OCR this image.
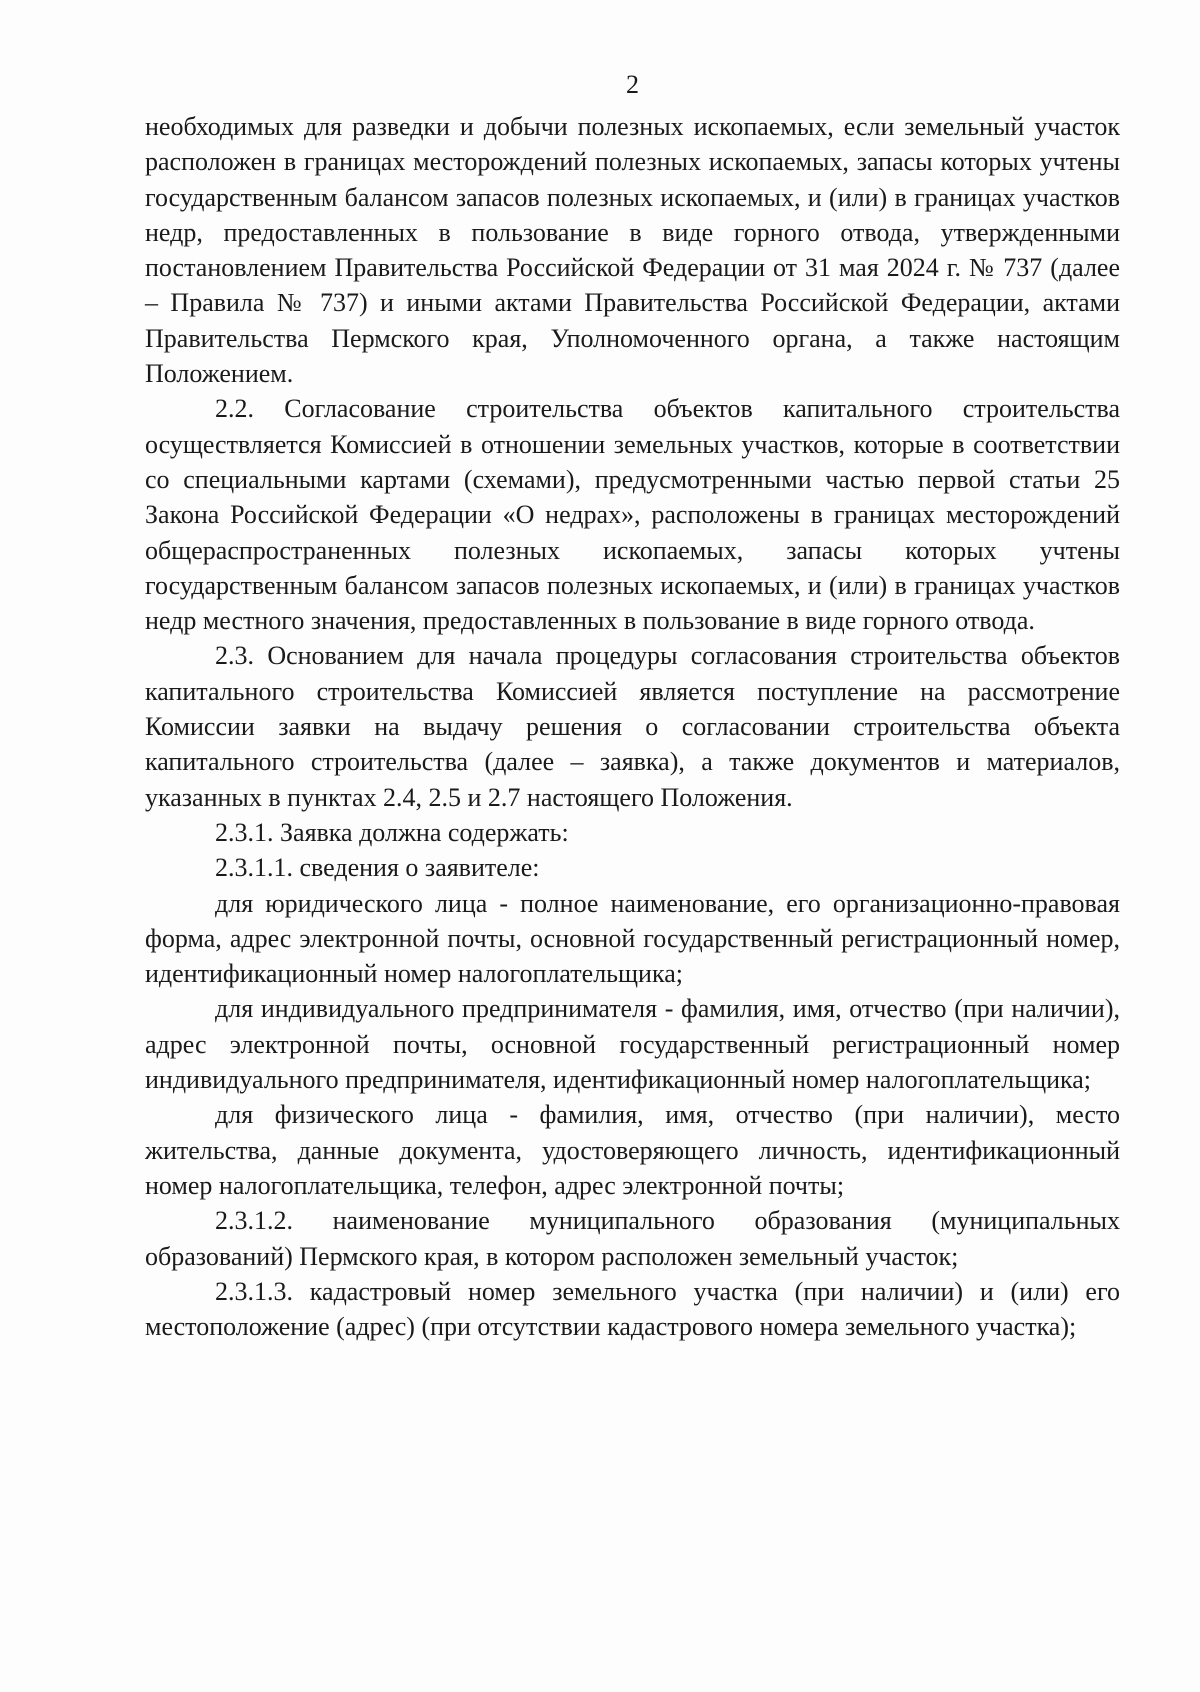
2

необходимых для разведки и добычи полезных ископаемых, если земельный участок расположен в границах месторождений полезных ископаемых, запасы которых учтены государственным балансом запасов полезных ископаемых, и (или) в границах участков недр, предоставленных в пользование в виде горного отвода, утвержденными постановлением Правительства Российской Федерации от 31 мая 2024 г. № 737 (далее – Правила № 737) и иными актами Правительства Российской Федерации, актами Правительства Пермского края, Уполномоченного органа, а также настоящим Положением.

2.2. Согласование строительства объектов капитального строительства осуществляется Комиссией в отношении земельных участков, которые в соответствии со специальными картами (схемами), предусмотренными частью первой статьи 25 Закона Российской Федерации «О недрах», расположены в границах месторождений общераспространенных полезных ископаемых, запасы которых учтены государственным балансом запасов полезных ископаемых, и (или) в границах участков недр местного значения, предоставленных в пользование в виде горного отвода.

2.3. Основанием для начала процедуры согласования строительства объектов капитального строительства Комиссией является поступление на рассмотрение Комиссии заявки на выдачу решения о согласовании строительства объекта капитального строительства (далее – заявка), а также документов и материалов, указанных в пунктах 2.4, 2.5 и 2.7 настоящего Положения.

2.3.1. Заявка должна содержать:

2.3.1.1. сведения о заявителе:

для юридического лица - полное наименование, его организационно-правовая форма, адрес электронной почты, основной государственный регистрационный номер, идентификационный номер налогоплательщика;

для индивидуального предпринимателя - фамилия, имя, отчество (при наличии), адрес электронной почты, основной государственный регистрационный номер индивидуального предпринимателя, идентификационный номер налогоплательщика;

для физического лица - фамилия, имя, отчество (при наличии), место жительства, данные документа, удостоверяющего личность, идентификационный номер налогоплательщика, телефон, адрес электронной почты;

2.3.1.2. наименование муниципального образования (муниципальных образований) Пермского края, в котором расположен земельный участок;

2.3.1.3. кадастровый номер земельного участка (при наличии) и (или) его местоположение (адрес) (при отсутствии кадастрового номера земельного участка);
